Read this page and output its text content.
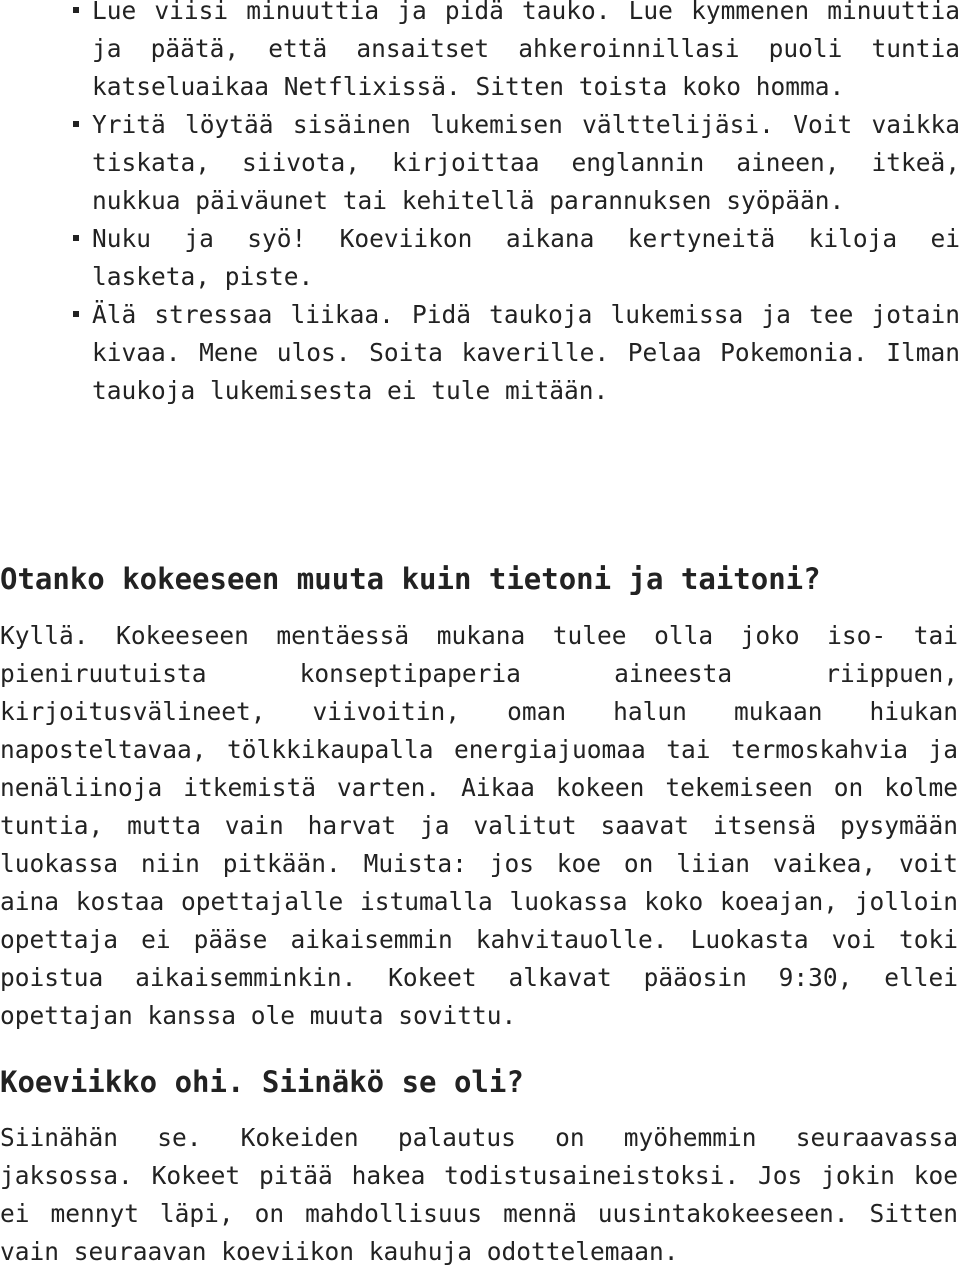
Lue viisi minuuttia ja pidä tauko. Lue kymmenen minuuttia ja päätä, että ansaitset ahkeroinnillasi puoli tuntia katseluaikaa Netflixissä. Sitten toista koko homma.
Yritä löytää sisäinen lukemisen välttelijäsi. Voit vaikka tiskata, siivota, kirjoittaa englannin aineen, itkeä, nukkua päiväunet tai kehitellä parannuksen syöpään.
Nuku ja syö! Koeviikon aikana kertyneitä kiloja ei lasketa, piste.
Älä stressaa liikaa. Pidä taukoja lukemissa ja tee jotain kivaa. Mene ulos. Soita kaverille. Pelaa Pokemonia. Ilman taukoja lukemisesta ei tule mitään.
Otanko kokeeseen muuta kuin tietoni ja taitoni?

Kyllä. Kokeeseen mentäessä mukana tulee olla joko iso- tai pieniruutuista konseptipaperia aineesta riippuen, kirjoitusvälineet, viivoitin, oman halun mukaan hiukan naposteltavaa, tölkkikaupalla energiajuomaa tai termoskahvia ja nenäliinoja itkemistä varten. Aikaa kokeen tekemiseen on kolme tuntia, mutta vain harvat ja valitut saavat itsensä pysymään luokassa niin pitkään. Muista: jos koe on liian vaikea, voit aina kostaa opettajalle istumalla luokassa koko koeajan, jolloin opettaja ei pääse aikaisemmin kahvitauolle. Luokasta voi toki poistua aikaisemminkin. Kokeet alkavat pääosin 9:30, ellei opettajan kanssa ole muuta sovittu.

Koeviikko ohi. Siinäkö se oli?

Siinähän se. Kokeiden palautus on myöhemmin seuraavassa jaksossa. Kokeet pitää hakea todistusaineistoksi. Jos jokin koe ei mennyt läpi, on mahdollisuus mennä uusintakokeeseen. Sitten vain seuraavan koeviikon kauhuja odottelemaan.
